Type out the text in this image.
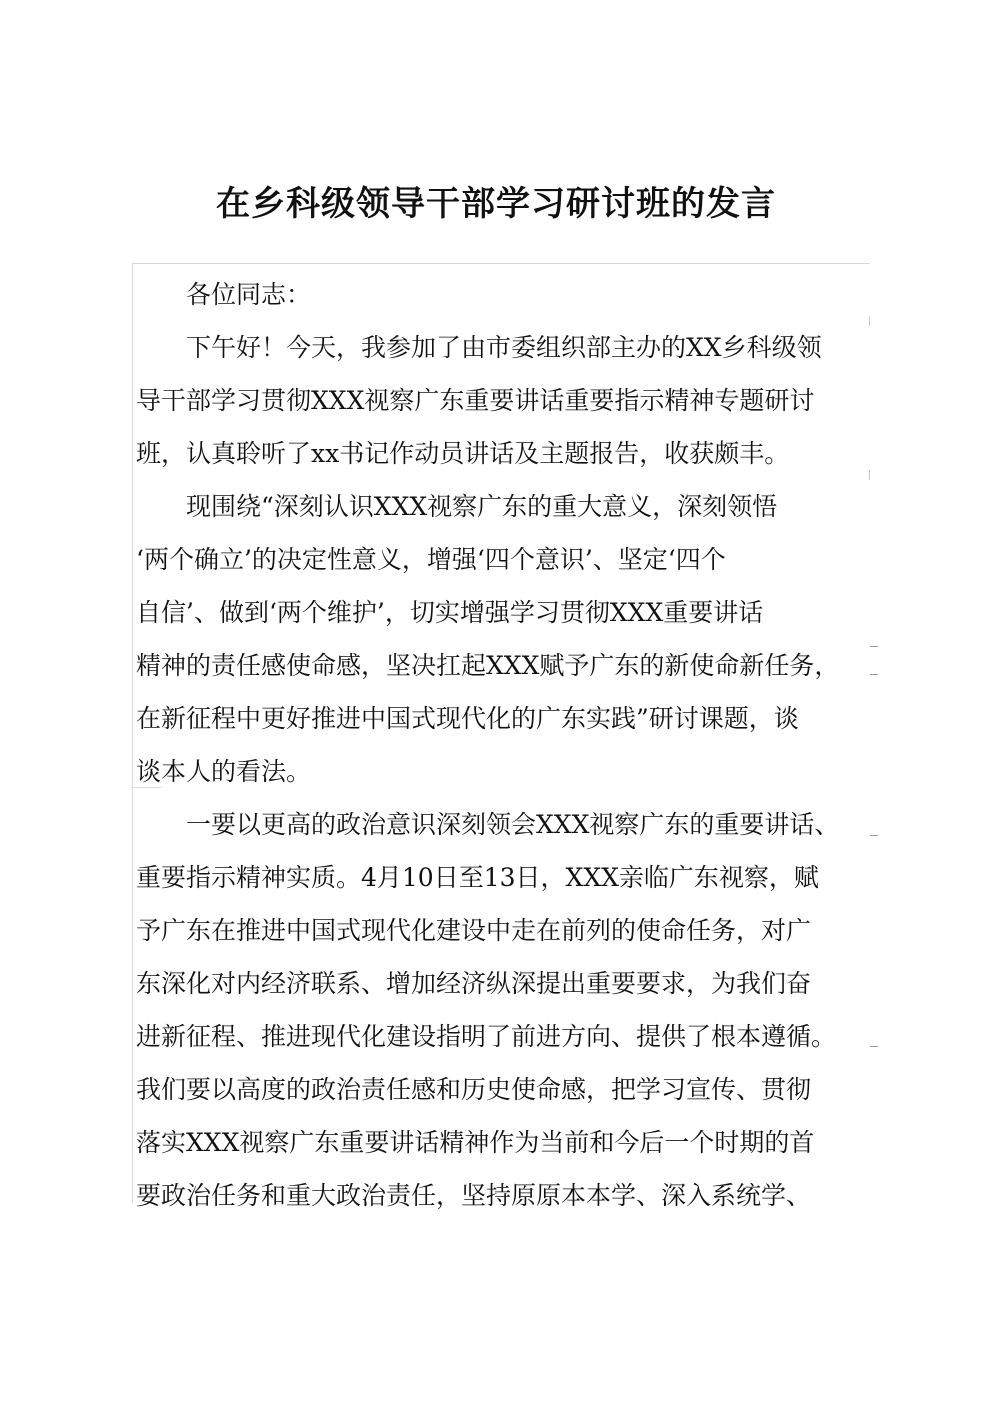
在乡科级领导干部学习研讨班的发言

各位同志：

下午好！今天，我参加了由市委组织部主办的XX乡科级领
导干部学习贯彻XXX视察广东重要讲话重要指示精神专题研讨
班，认真聆听了xx书记作动员讲话及主题报告，收获颇丰。

现围绕“深刻认识XXX视察广东的重大意义，深刻领悟
‘两个确立’的决定性意义，增强‘四个意识’、坚定‘四个
自信’、做到‘两个维护’，切实增强学习贯彻XXX重要讲话
精神的责任感使命感，坚决扛起XXX赋予广东的新使命新任务，
在新征程中更好推进中国式现代化的广东实践”研讨课题，谈
谈本人的看法。

一要以更高的政治意识深刻领会XXX视察广东的重要讲话、
重要指示精神实质。4月10日至13日，XXX亲临广东视察，赋
予广东在推进中国式现代化建设中走在前列的使命任务，对广
东深化对内经济联系、增加经济纵深提出重要要求，为我们奋
进新征程、推进现代化建设指明了前进方向、提供了根本遵循。
我们要以高度的政治责任感和历史使命感，把学习宣传、贯彻
落实XXX视察广东重要讲话精神作为当前和今后一个时期的首
要政治任务和重大政治责任，坚持原原本本学、深入系统学、
